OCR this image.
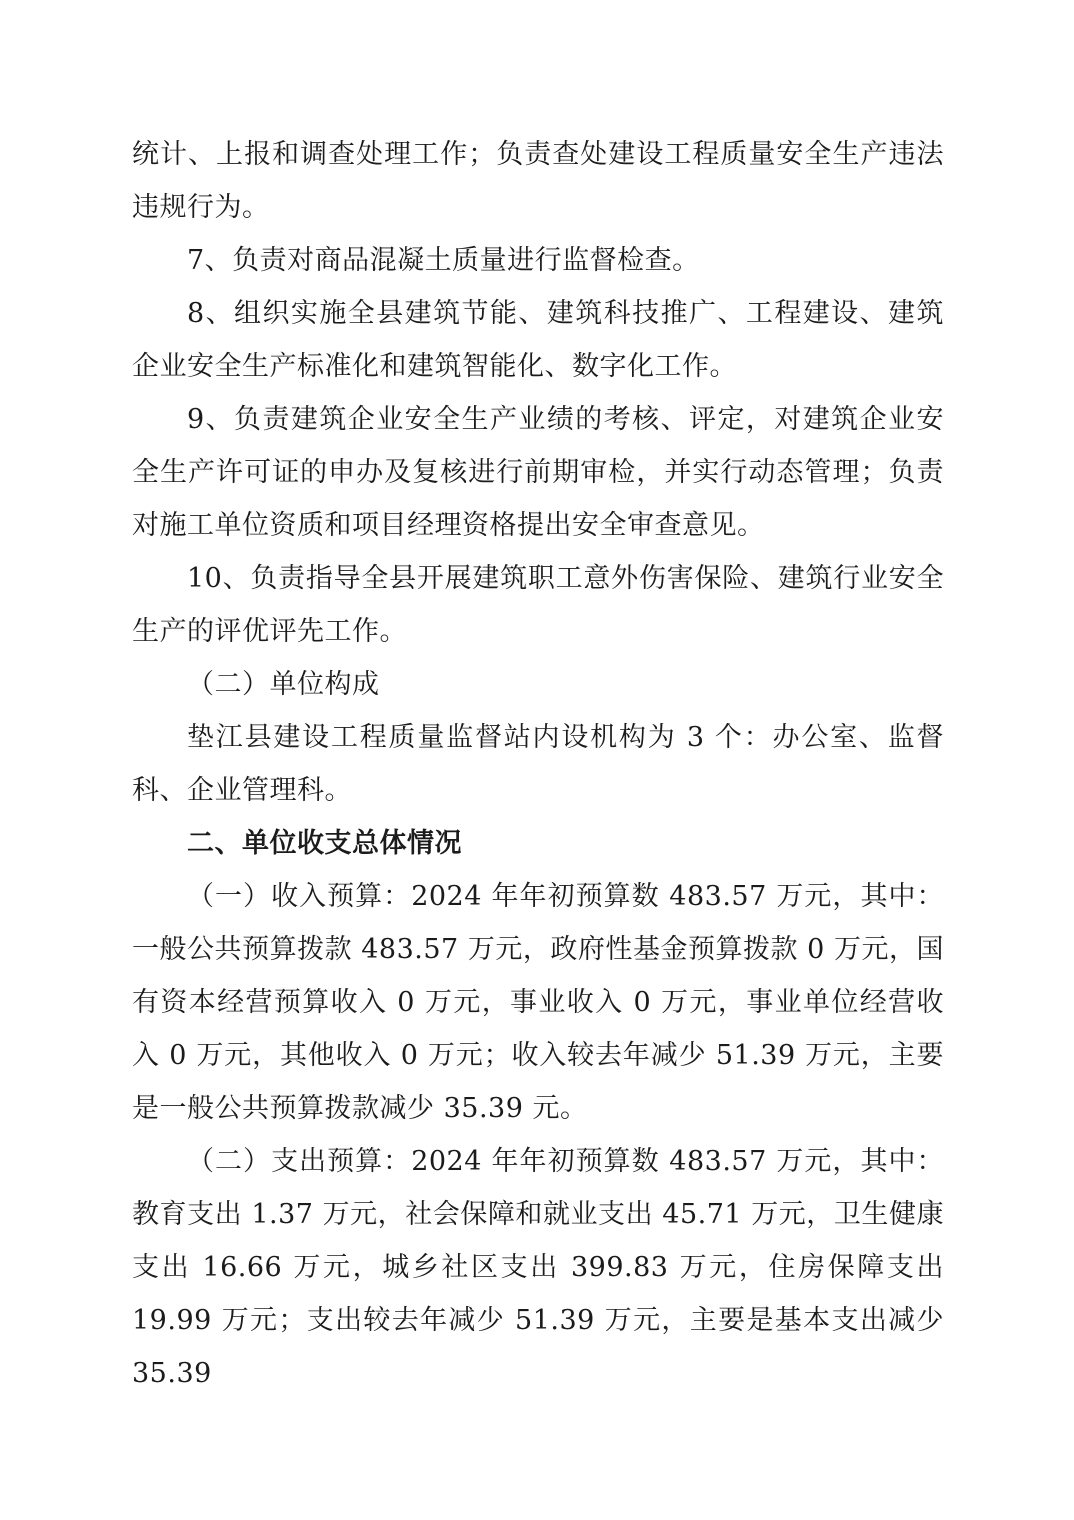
统计、上报和调查处理工作；负责查处建设工程质量安全生产违法违规行为。

7、负责对商品混凝土质量进行监督检查。

8、组织实施全县建筑节能、建筑科技推广、工程建设、建筑企业安全生产标准化和建筑智能化、数字化工作。

9、负责建筑企业安全生产业绩的考核、评定，对建筑企业安全生产许可证的申办及复核进行前期审检，并实行动态管理；负责对施工单位资质和项目经理资格提出安全审查意见。

10、负责指导全县开展建筑职工意外伤害保险、建筑行业安全生产的评优评先工作。

（二）单位构成

垫江县建设工程质量监督站内设机构为 3 个：办公室、监督科、企业管理科。

二、单位收支总体情况

（一）收入预算：2024 年年初预算数 483.57 万元，其中：一般公共预算拨款 483.57 万元，政府性基金预算拨款 0 万元，国有资本经营预算收入 0 万元，事业收入 0 万元，事业单位经营收入 0 万元，其他收入 0 万元；收入较去年减少 51.39 万元，主要是一般公共预算拨款减少 35.39 元。

（二）支出预算：2024 年年初预算数 483.57 万元，其中：教育支出 1.37 万元，社会保障和就业支出 45.71 万元，卫生健康支出 16.66 万元，城乡社区支出 399.83 万元，住房保障支出 19.99 万元；支出较去年减少 51.39 万元，主要是基本支出减少 35.39
